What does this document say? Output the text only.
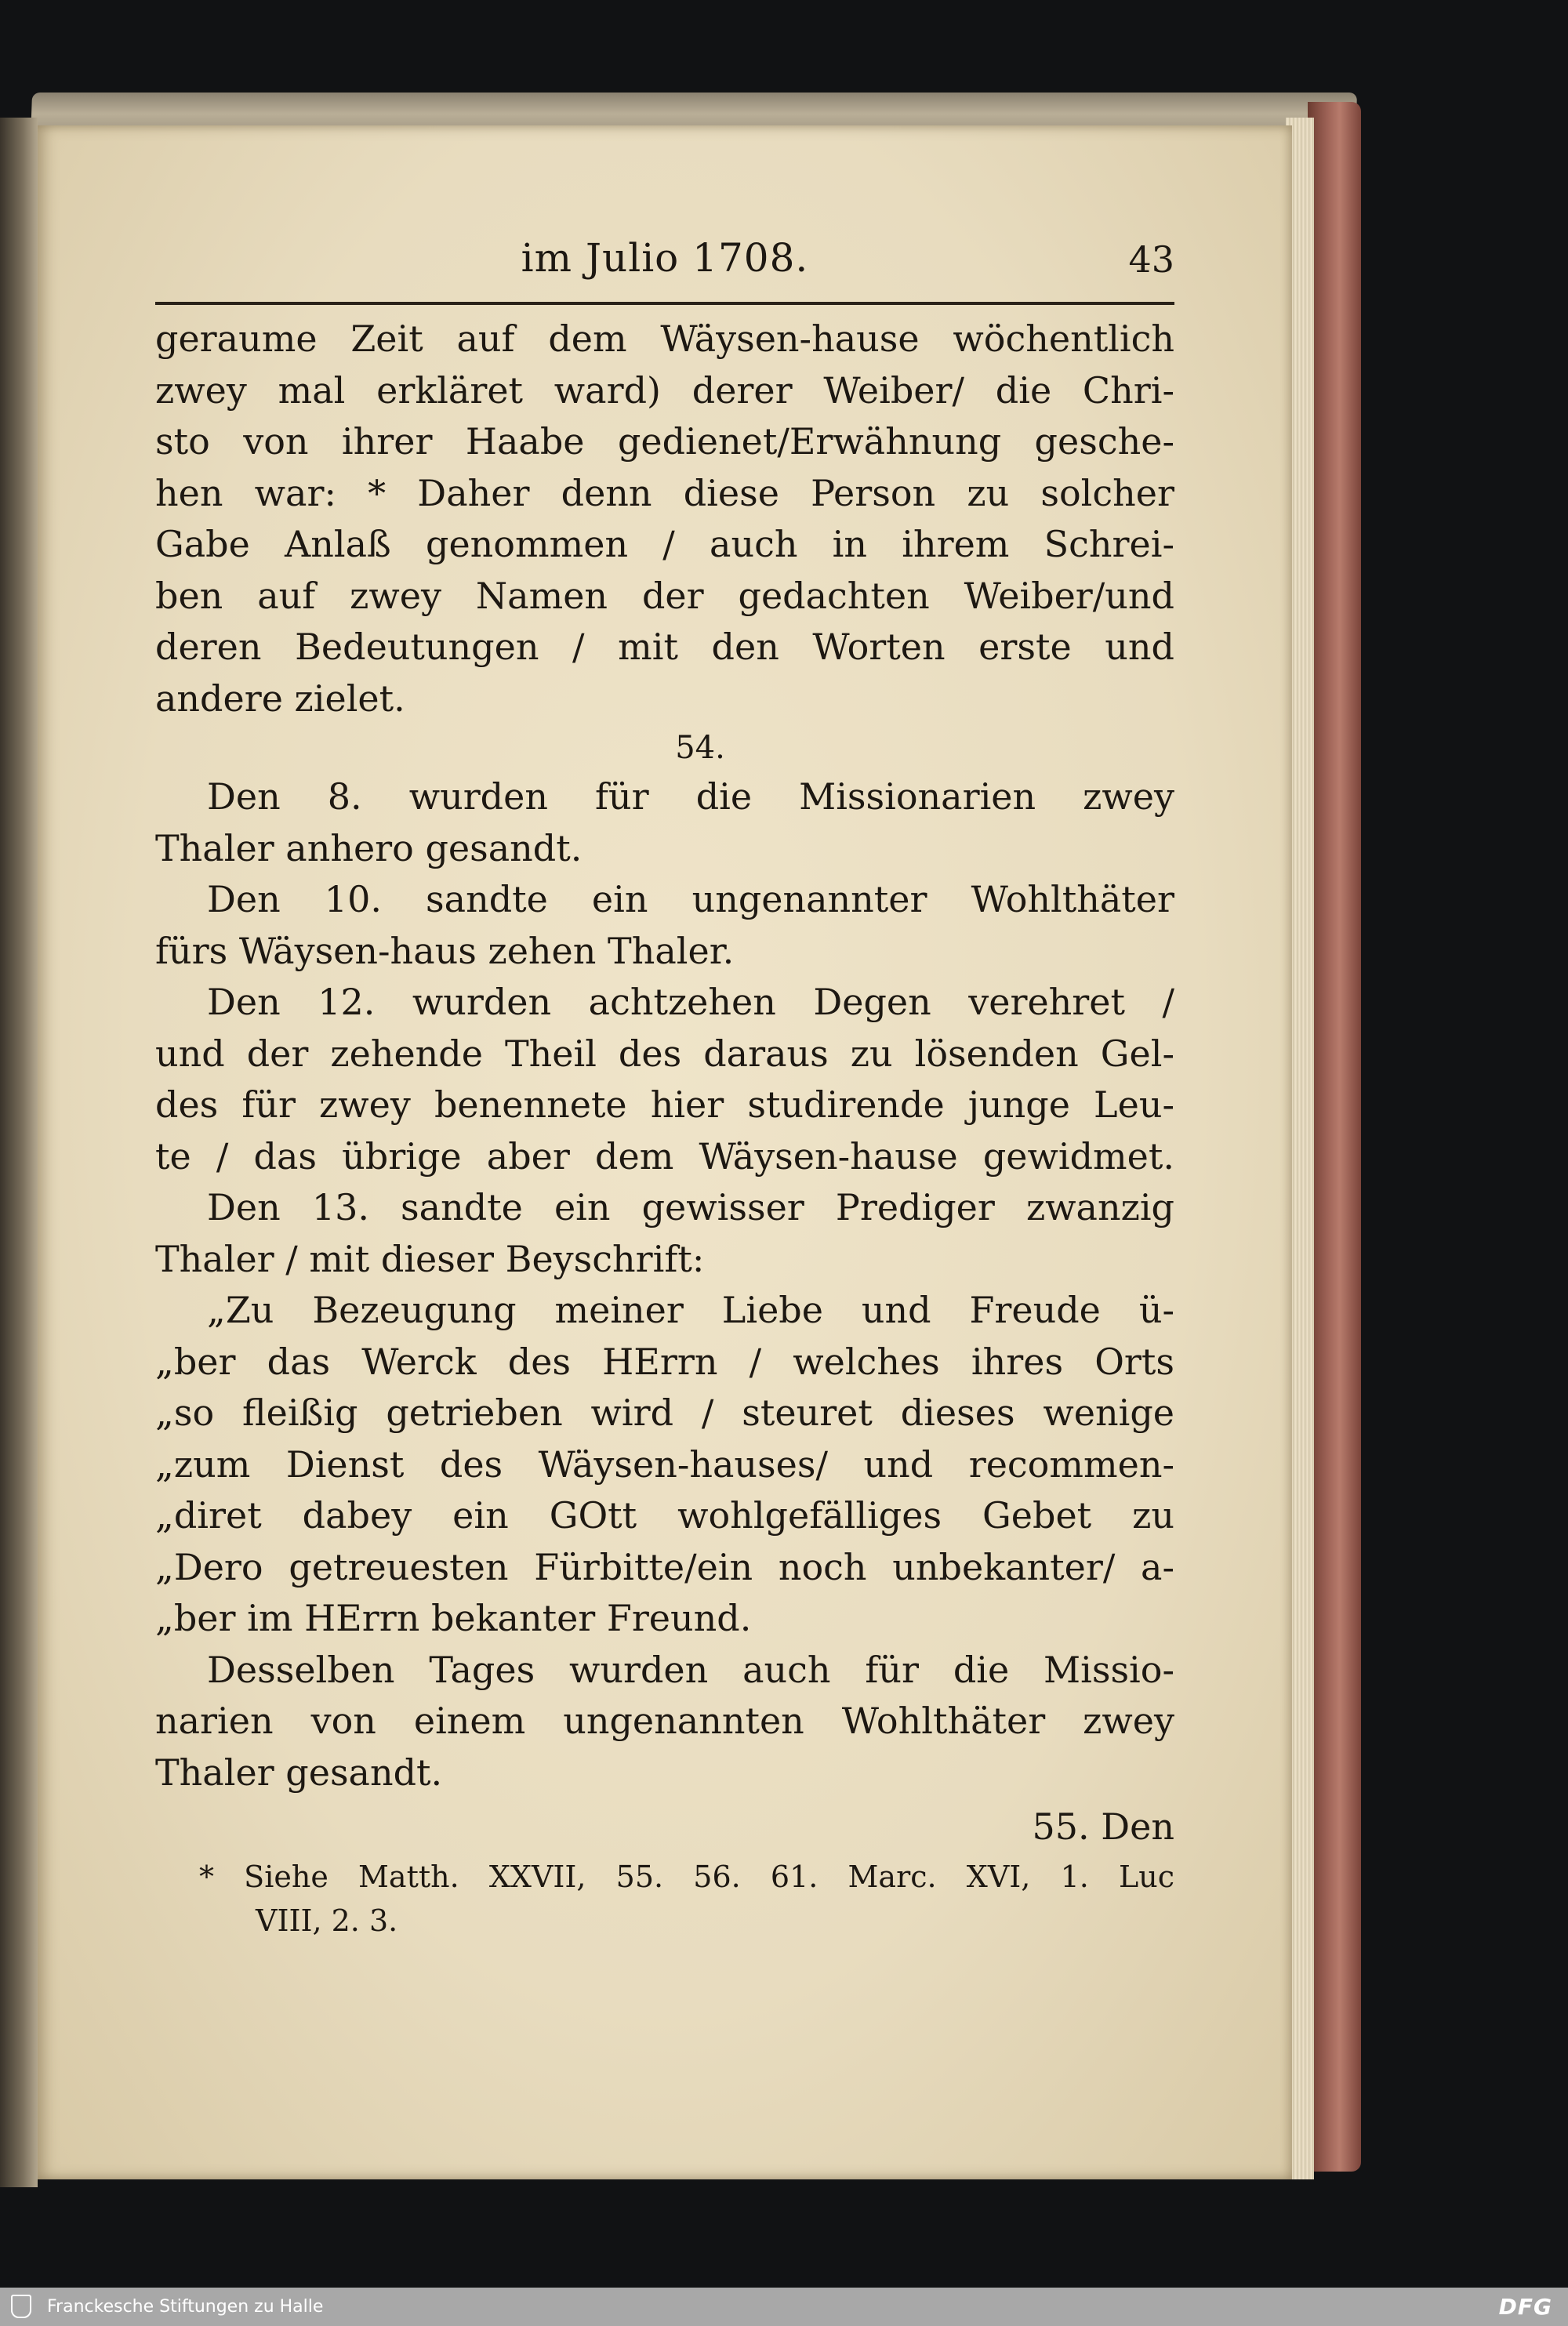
im Julio 1708.	43
geraume Zeit auf dem Wäysen-hause wöchentlich
zwey mal erkläret ward) derer Weiber/ die Chri-
sto von ihrer Haabe gedienet/Erwähnung gesche-
hen war: * Daher denn diese Person zu solcher
Gabe Anlaß genommen / auch in ihrem Schrei-
ben auf zwey Namen der gedachten Weiber/und
deren Bedeutungen / mit den Worten erste und
andere zielet.
54.
Den 8. wurden für die Missionarien zwey
Thaler anhero gesandt.
Den 10. sandte ein ungenannter Wohlthäter
fürs Wäysen-haus zehen Thaler.
Den 12. wurden achtzehen Degen verehret /
und der zehende Theil des daraus zu lösenden Gel-
des für zwey benennete hier studirende junge Leu-
te / das übrige aber dem Wäysen-hause gewidmet.
Den 13. sandte ein gewisser Prediger zwanzig
Thaler / mit dieser Beyschrift:
„Zu Bezeugung meiner Liebe und Freude ü-
„ber das Werck des HErrn / welches ihres Orts
„so fleißig getrieben wird / steuret dieses wenige
„zum Dienst des Wäysen-hauses/ und recommen-
„diret dabey ein GOtt wohlgefälliges Gebet zu
„Dero getreuesten Fürbitte/ein noch unbekanter/ a-
„ber im HErrn bekanter Freund.
Desselben Tages wurden auch für die Missio-
narien von einem ungenannten Wohlthäter zwey
Thaler gesandt.
55. Den
* Siehe Matth. XXVII, 55. 56. 61. Marc. XVI, 1. Luc
VIII, 2. 3.
Franckesche Stiftungen zu Halle	DFG
